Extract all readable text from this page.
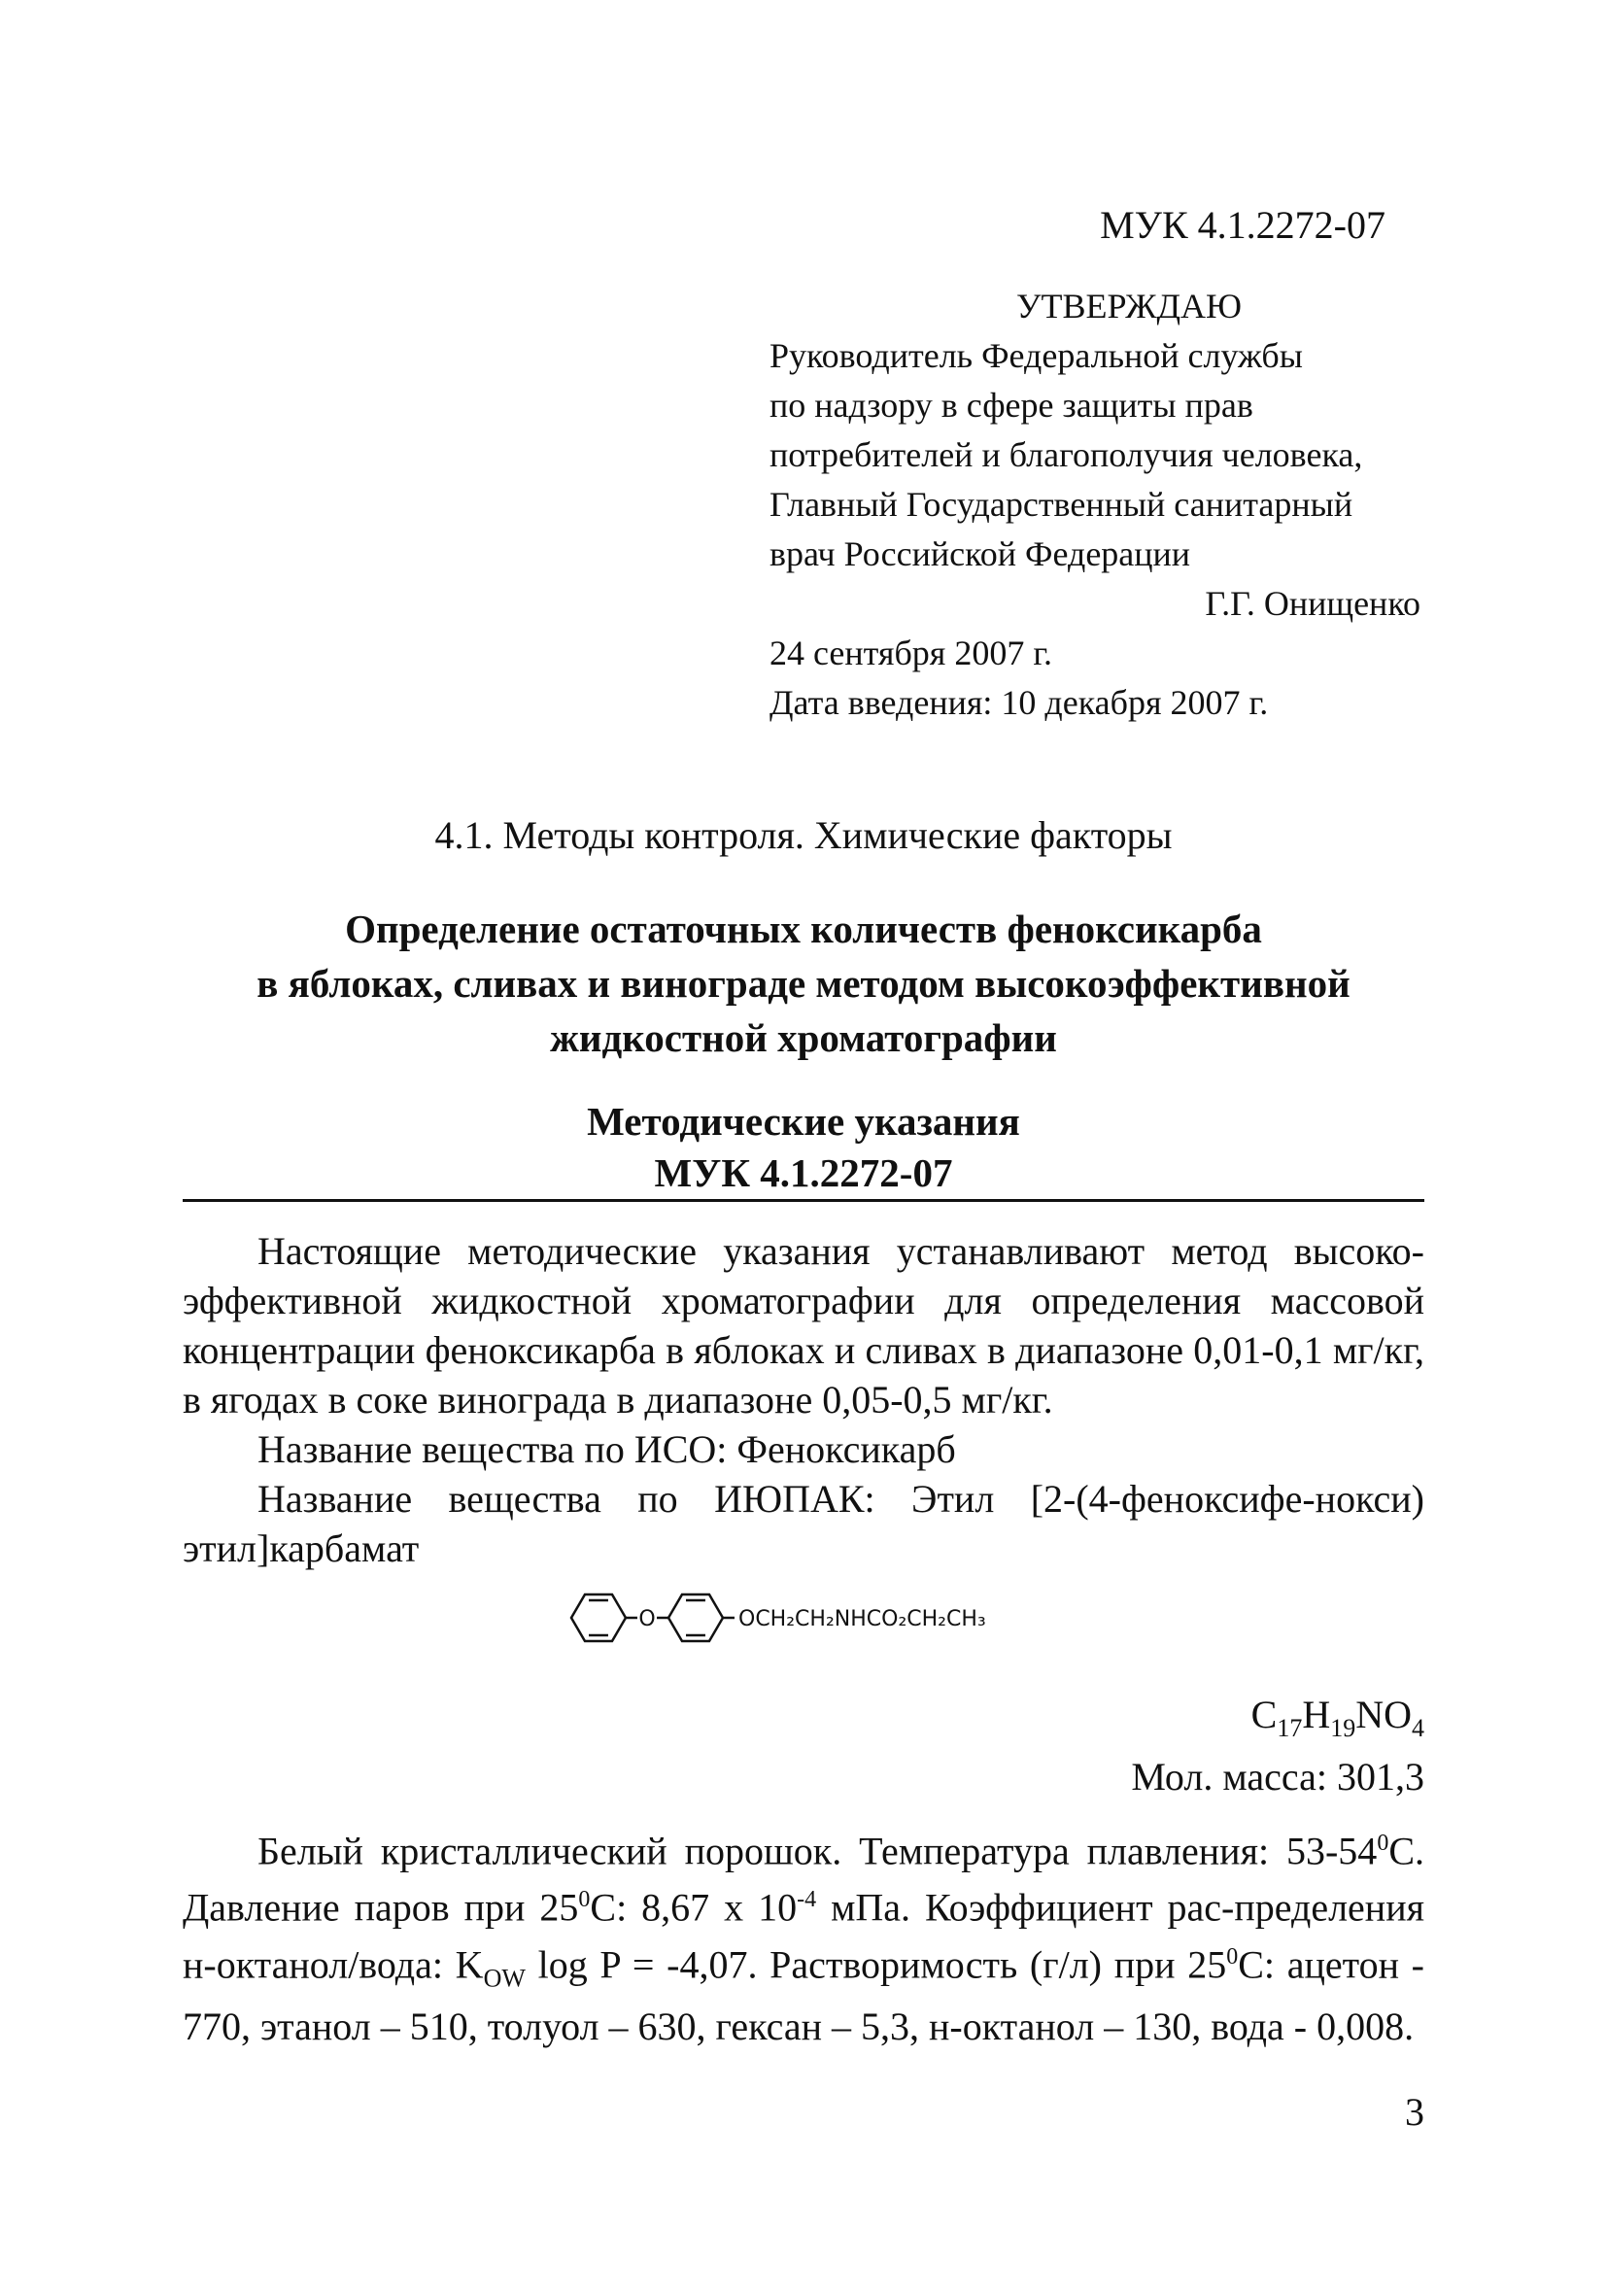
МУК 4.1.2272-07
УТВЕРЖДАЮ
Руководитель Федеральной службы
по надзору в сфере защиты прав
потребителей и благополучия человека,
Главный Государственный санитарный
врач Российской Федерации
Г.Г. Онищенко
24 сентября 2007 г.
Дата введения: 10 декабря 2007 г.
4.1. Методы контроля. Химические факторы
Определение остаточных количеств феноксикарба
в яблоках, сливах и винограде методом высокоэффективной
жидкостной хроматографии
Методические указания
МУК 4.1.2272-07

Настоящие методические указания устанавливают метод высоко-эффективной жидкостной хроматографии для определения массовой концентрации феноксикарба в яблоках и сливах в диапазоне 0,01-0,1 мг/кг, в ягодах в соке винограда в диапазоне 0,05-0,5 мг/кг.

Название вещества по ИСО: Феноксикарб

Название вещества по ИЮПАК: Этил [2-(4-феноксифе-нокси) этил]карбамат

O	OCH₂CH₂NHCO₂CH₂CH₃
$C_{17}H_{19}NO_4$
Мол. масса: 301,3

Белый кристаллический порошок. Температура плавления: $53-54^0С$. Давление паров при $25^0С$: 8,67 х $10^{-4}$ мПа. Коэффициент рас-пределения н-октанол/вода: $K_{OW}$ log P = -4,07. Растворимость (г/л) при $25^0С$: ацетон - 770, этанол – 510, толуол – 630, гексан – 5,3, н-октанол – 130, вода - 0,008.

3
